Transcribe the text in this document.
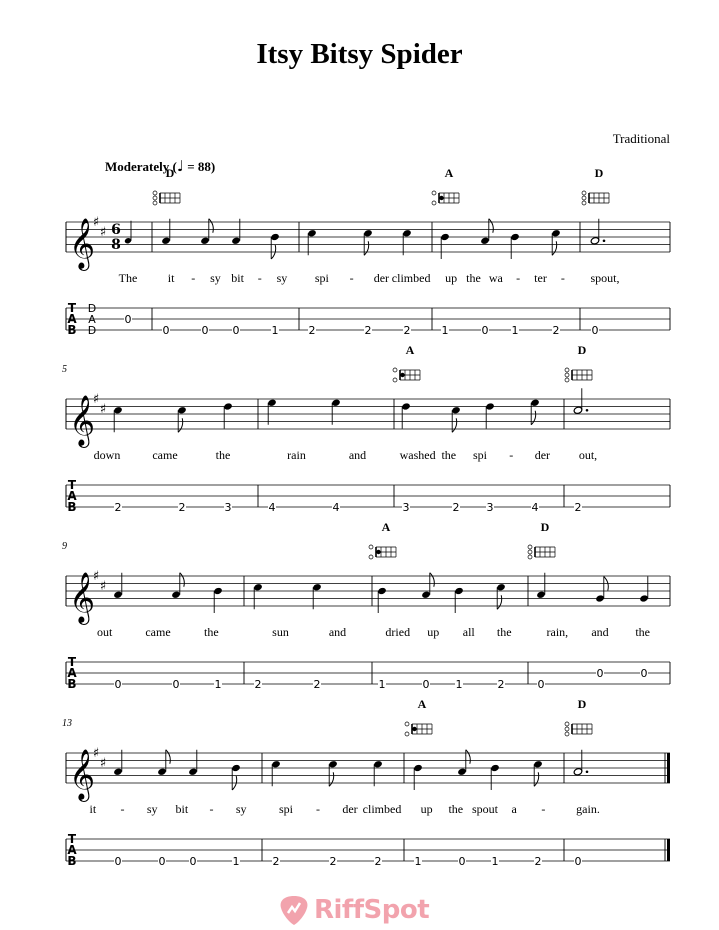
Itsy Bitsy Spider
Traditional
Moderately (♩ = 88)
𝄞
T
A
B
♯
♯ 6
8
D
A
D
The
0
D
it - sy bit - sy
0	0 0	1
spi - der climbed
2	2	2
A
up the wa - ter -
1	0 1	2
D
spout,
0
𝄞
T
A
B
♯
♯
5
down	came	the
2	2	3
rain	and
4	4
A
washed the spi - der
3	2 3	4
D
out,
2
𝄞
T
A
B
♯
♯
9
out	came	the
0	0	1
sun	and
2	2
A
dried up all the
1	0 1	2
D
rain, and the
0
0	0
𝄞
T
A
B
♯
♯
13
it - sy bit - sy
0	0 0	1
spi - der climbed
2	2	2
A
up the spout a -
1	0 1	2
D
gain.
0
RiffSpot
